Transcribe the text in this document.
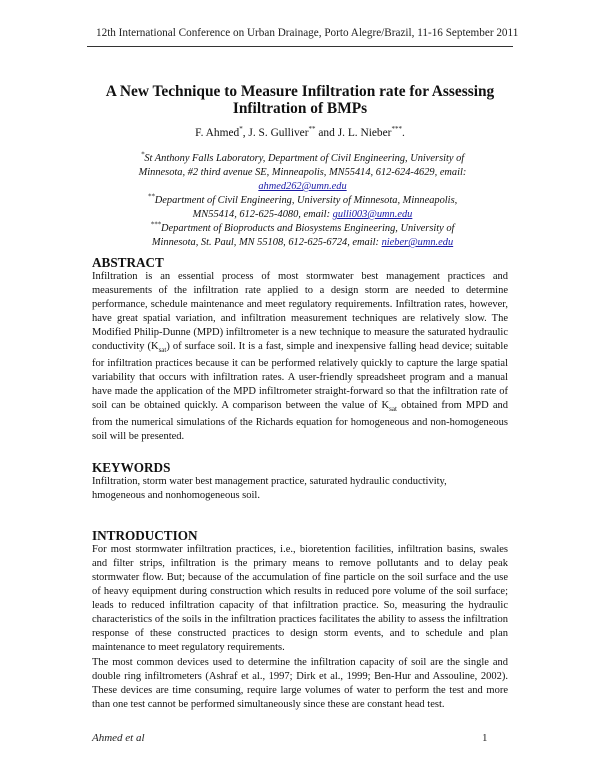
12th International Conference on Urban Drainage, Porto Alegre/Brazil, 11-16 September 2011
A New Technique to Measure Infiltration rate for Assessing Infiltration of BMPs
F. Ahmed*, J. S. Gulliver** and J. L. Nieber***.

*St Anthony Falls Laboratory, Department of Civil Engineering, University of Minnesota, #2 third avenue SE, Minneapolis, MN55414, 612-624-4629, email: ahmed262@umn.edu

**Department of Civil Engineering, University of Minnesota, Minneapolis, MN55414, 612-625-4080, email: gulli003@umn.edu

***Department of Bioproducts and Biosystems Engineering, University of Minnesota, St. Paul, MN 55108, 612-625-6724, email: nieber@umn.edu

ABSTRACT

Infiltration is an essential process of most stormwater best management practices and measurements of the infiltration rate applied to a design storm are needed to determine performance, schedule maintenance and meet regulatory requirements. Infiltration rates, however, have great spatial variation, and infiltration measurement techniques are relatively slow. The Modified Philip-Dunne (MPD) infiltrometer is a new technique to measure the saturated hydraulic conductivity $(K_{sat})$ of surface soil. It is a fast, simple and inexpensive falling head device; suitable for infiltration practices because it can be performed relatively quickly to capture the large spatial variability that occurs with infiltration rates. A user-friendly spreadsheet program and a manual have made the application of the MPD infiltrometer straight-forward so that the infiltration rate of soil can be obtained quickly. A comparison between the value of $K_{sat}$ obtained from MPD and from the numerical simulations of the Richards equation for homogeneous and non-homogeneous soil will be presented.

KEYWORDS

Infiltration, storm water best management practice, saturated hydraulic conductivity, hmogeneous and nonhomogeneous soil.

INTRODUCTION

For most stormwater infiltration practices, i.e., bioretention facilities, infiltration basins, swales and filter strips, infiltration is the primary means to remove pollutants and to delay peak stormwater flow. But; because of the accumulation of fine particle on the soil surface and the use of heavy equipment during construction which results in reduced pore volume of the soil surface; leads to reduced infiltration capacity of that infiltration practice. So, measuring the hydraulic characteristics of the soils in the infiltration practices facilitates the ability to assess the infiltration response of these constructed practices to design storm events, and to schedule and plan maintenance to meet regulatory requirements.

The most common devices used to determine the infiltration capacity of soil are the single and double ring infiltrometers (Ashraf et al., 1997; Dirk et al., 1999; Ben-Hur and Assouline, 2002). These devices are time consuming, require large volumes of water to perform the test and more than one test cannot be performed simultaneously since these are constant head test.

Ahmed et al	1
